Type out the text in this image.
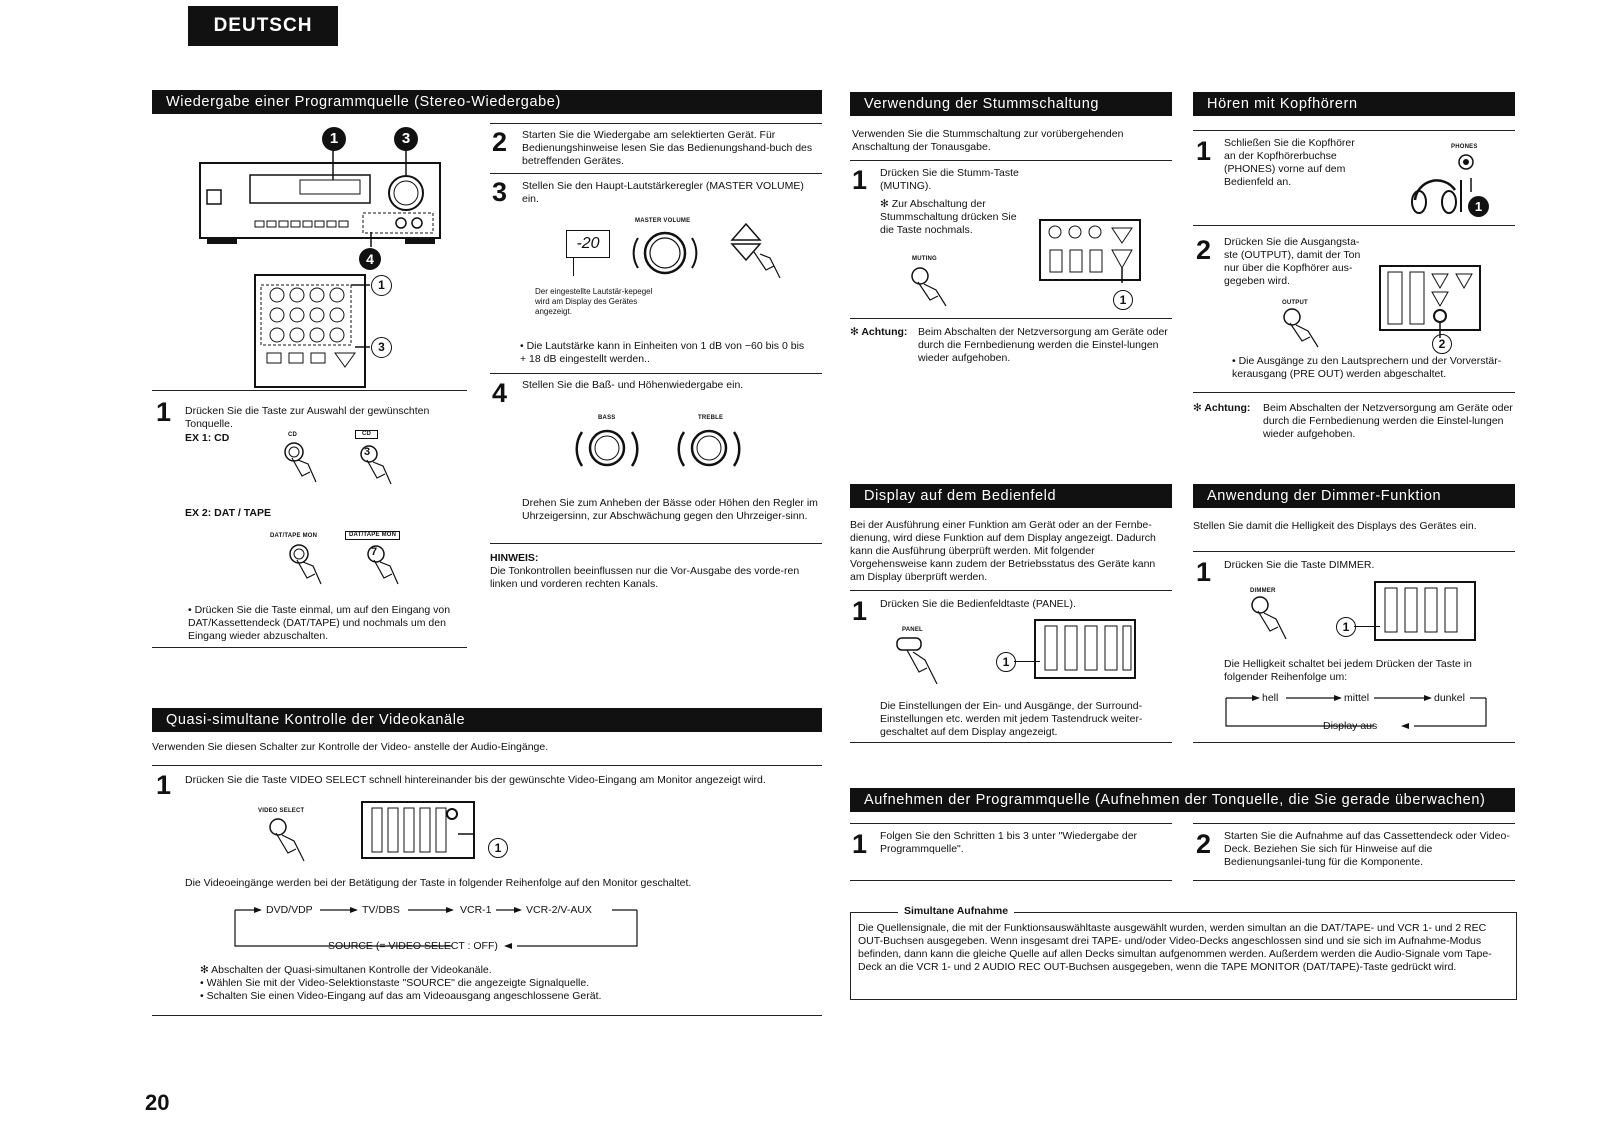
DEUTSCH
Wiedergabe einer Programmquelle (Stereo-Wiedergabe)
1	3
4
1
3
1 Drücken Sie die Taste zur Auswahl der gewünschten Tonquelle.
EX 1: CD	CD	CD
3
EX 2: DAT / TAPE
DAT/TAPE MON	DAT/TAPE MON
7
• Drücken Sie die Taste einmal, um auf den Eingang von DAT/Kassettendeck (DAT/TAPE) und nochmals um den Eingang wieder abzuschalten.
2 Starten Sie die Wiedergabe am selektierten Gerät. Für Bedienungshinweise lesen Sie das Bedienungshand-buch des betreffenden Gerätes.
3 Stellen Sie den Haupt-Lautstärkeregler (MASTER VOLUME) ein.
-20
MASTER VOLUME
Der eingestellte Lautstär-kepegel wird am Display des Gerätes angezeigt.
• Die Lautstärke kann in Einheiten von 1 dB von −60 bis 0 bis + 18 dB eingestellt werden..
4 Stellen Sie die Baß- und Höhenwiedergabe ein.
BASS	TREBLE
Drehen Sie zum Anheben der Bässe oder Höhen den Regler im Uhrzeigersinn, zur Abschwächung gegen den Uhrzeiger-sinn.
HINWEIS:
Die Tonkontrollen beeinflussen nur die Vor-Ausgabe des vorde-ren linken und vorderen rechten Kanals.
Quasi-simultane Kontrolle der Videokanäle
Verwenden Sie diesen Schalter zur Kontrolle der Video- anstelle der Audio-Eingänge.
1 Drücken Sie die Taste VIDEO SELECT schnell hintereinander bis der gewünschte Video-Eingang am Monitor angezeigt wird.
VIDEO SELECT
1
Die Videoeingänge werden bei der Betätigung der Taste in folgender Reihenfolge auf den Monitor geschaltet.
DVD/VDP	TV/DBS	VCR-1	VCR-2/V-AUX
SOURCE (= VIDEO SELECT : OFF)
✻ Abschalten der Quasi-simultanen Kontrolle der Videokanäle.
• Wählen Sie mit der Video-Selektionstaste "SOURCE" die angezeigte Signalquelle.
• Schalten Sie einen Video-Eingang auf das am Videoausgang angeschlossene Gerät.
Verwendung der Stummschaltung
Verwenden Sie die Stummschaltung zur vorübergehenden Anschaltung der Tonausgabe.
1 Drücken Sie die Stumm-Taste (MUTING).
✻ Zur Abschaltung der Stummschaltung drücken Sie die Taste nochmals.
MUTING
1
✻ Achtung: Beim Abschalten der Netzversorgung am Geräte oder durch die Fernbedienung werden die Einstel-lungen wieder aufgehoben.
Hören mit Kopfhörern
1 Schließen Sie die Kopfhörer an der Kopfhörerbuchse (PHONES) vorne auf dem Bedienfeld an.
PHONES
1
2 Drücken Sie die Ausgangsta-ste (OUTPUT), damit der Ton nur über die Kopfhörer aus-gegeben wird.
OUTPUT
2
• Die Ausgänge zu den Lautsprechern und der Vorverstär-kerausgang (PRE OUT) werden abgeschaltet.
✻ Achtung: Beim Abschalten der Netzversorgung am Geräte oder durch die Fernbedienung werden die Einstel-lungen wieder aufgehoben.
Display auf dem Bedienfeld
Bei der Ausführung einer Funktion am Gerät oder an der Fernbe-dienung, wird diese Funktion auf dem Display angezeigt. Dadurch kann die Ausführung überprüft werden. Mit folgender Vorgehensweise kann zudem der Betriebsstatus des Geräte kann am Display überprüft werden.
1 Drücken Sie die Bedienfeldtaste (PANEL).
PANEL
1
Die Einstellungen der Ein- und Ausgänge, der Surround-Einstellungen etc. werden mit jedem Tastendruck weiter-geschaltet auf dem Display angezeigt.
Anwendung der Dimmer-Funktion
Stellen Sie damit die Helligkeit des Displays des Gerätes ein.
1 Drücken Sie die Taste DIMMER.
DIMMER
1
Die Helligkeit schaltet bei jedem Drücken der Taste in folgender Reihenfolge um:
hell	mittel	dunkel
Display aus
Aufnehmen der Programmquelle (Aufnehmen der Tonquelle, die Sie gerade überwachen)
1 Folgen Sie den Schritten 1 bis 3 unter "Wiedergabe der Programmquelle".	2 Starten Sie die Aufnahme auf das Cassettendeck oder Video-Deck. Beziehen Sie sich für Hinweise auf die Bedienungsanlei-tung für die Komponente.
Simultane Aufnahme
Die Quellensignale, die mit der Funktionsauswähltaste ausgewählt wurden, werden simultan an die DAT/TAPE- und VCR 1- und 2 REC OUT-Buchsen ausgegeben. Wenn insgesamt drei TAPE- und/oder Video-Decks angeschlossen sind und sie sich im Aufnahme-Modus befinden, dann kann die gleiche Quelle auf allen Decks simultan aufgenommen werden. Außerdem werden die Audio-Signale vom Tape-Deck an die VCR 1- und 2 AUDIO REC OUT-Buchsen ausgegeben, wenn die TAPE MONITOR (DAT/TAPE)-Taste gedrückt wird.
20
